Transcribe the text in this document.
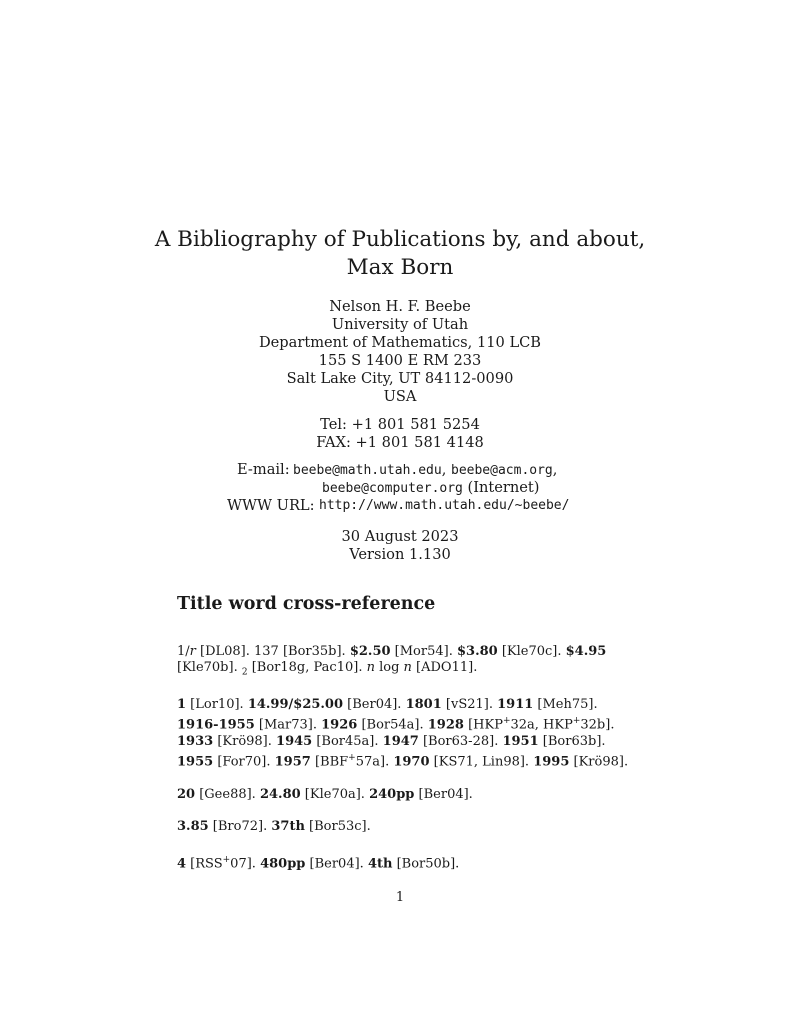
A Bibliography of Publications by, and about,
Max Born
Nelson H. F. Beebe
University of Utah
Department of Mathematics, 110 LCB
155 S 1400 E RM 233
Salt Lake City, UT 84112-0090
USA
Tel: +1 801 581 5254
FAX: +1 801 581 4148
E-mail: beebe@math.utah.edu, beebe@acm.org,
beebe@computer.org (Internet)
WWW URL: http://www.math.utah.edu/~beebe/
30 August 2023
Version 1.130
Title word cross-reference
1/r [DL08]. 137 [Bor35b]. $2.50 [Mor54]. $3.80 [Kle70c]. $4.95 [Kle70b]. $_2$ [Bor18g, Pac10]. n log n [ADO11].
1 [Lor10]. 14.99/$25.00 [Ber04]. 1801 [vS21]. 1911 [Meh75]. 1916-1955 [Mar73]. 1926 [Bor54a]. 1928 [HKP+32a, HKP+32b]. 1933 [Krö98]. 1945 [Bor45a]. 1947 [Bor63-28]. 1951 [Bor63b]. 1955 [For70]. 1957 [BBF+57a]. 1970 [KS71, Lin98]. 1995 [Krö98].
20 [Gee88]. 24.80 [Kle70a]. 240pp [Ber04].
3.85 [Bro72]. 37th [Bor53c].
4 [RSS+07]. 480pp [Ber04]. 4th [Bor50b].
1
